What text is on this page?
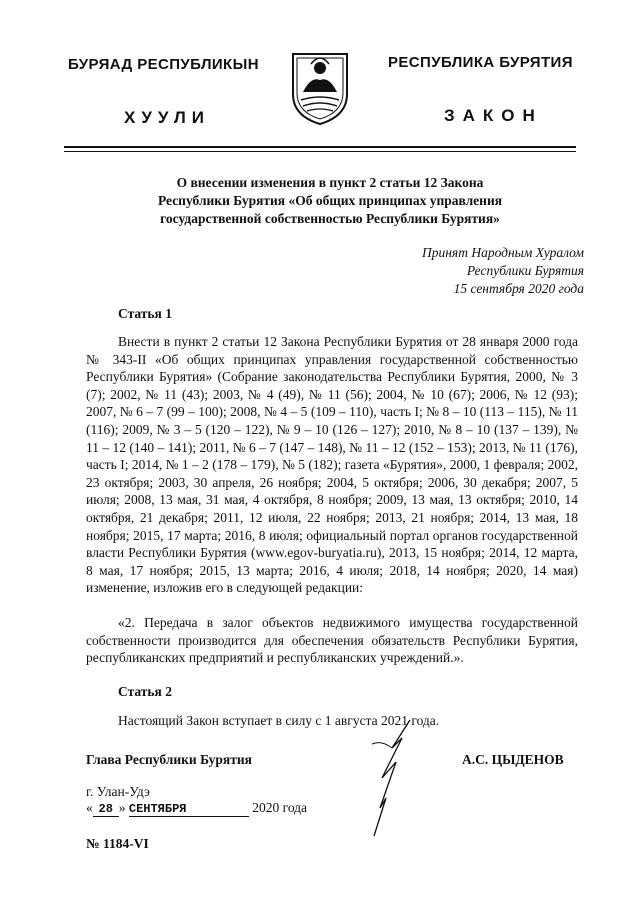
БУРЯАД РЕСПУБЛИКЫН	РЕСПУБЛИКА БУРЯТИЯ
ХУУЛИ	ЗАКОН
О внесении изменения в пункт 2 статьи 12 Закона
Республики Бурятия «Об общих принципах управления
государственной собственностью Республики Бурятия»
Принят Народным Хуралом
Республики Бурятия
15 сентября 2020 года
Статья 1
Внести в пункт 2 статьи 12 Закона Республики Бурятия от 28 января 2000 года № 343-II «Об общих принципах управления государственной собственностью Республики Бурятия» (Собрание законодательства Республики Бурятия, 2000, № 3 (7); 2002, № 11 (43); 2003, № 4 (49), № 11 (56); 2004, № 10 (67); 2006, № 12 (93); 2007, № 6 – 7 (99 – 100); 2008, № 4 – 5 (109 – 110), часть I; № 8 – 10 (113 – 115), № 11 (116); 2009, № 3 – 5 (120 – 122), № 9 – 10 (126 – 127); 2010, № 8 – 10 (137 – 139), № 11 – 12 (140 – 141); 2011, № 6 – 7 (147 – 148), № 11 – 12 (152 – 153); 2013, № 11 (176), часть I; 2014, № 1 – 2 (178 – 179), № 5 (182); газета «Бурятия», 2000, 1 февраля; 2002, 23 октября; 2003, 30 апреля, 26 ноября; 2004, 5 октября; 2006, 30 декабря; 2007, 5 июля; 2008, 13 мая, 31 мая, 4 октября, 8 ноября; 2009, 13 мая, 13 октября; 2010, 14 октября, 21 декабря; 2011, 12 июля, 22 ноября; 2013, 21 ноября; 2014, 13 мая, 18 ноября; 2015, 17 марта; 2016, 8 июля; официальный портал органов государственной власти Республики Бурятия (www.egov-buryatia.ru), 2013, 15 ноября; 2014, 12 марта, 8 мая, 17 ноября; 2015, 13 марта; 2016, 4 июля; 2018, 14 ноября; 2020, 14 мая) изменение, изложив его в следующей редакции:
«2. Передача в залог объектов недвижимого имущества государственной собственности производится для обеспечения обязательств Республики Бурятия, республиканских предприятий и республиканских учреждений.».
Статья 2
Настоящий Закон вступает в силу с 1 августа 2021 года.
Глава Республики Бурятия	А.С. ЦЫДЕНОВ
г. Улан-Удэ
« 28 » СЕНТЯБРЯ	2020 года
№ 1184-VI
